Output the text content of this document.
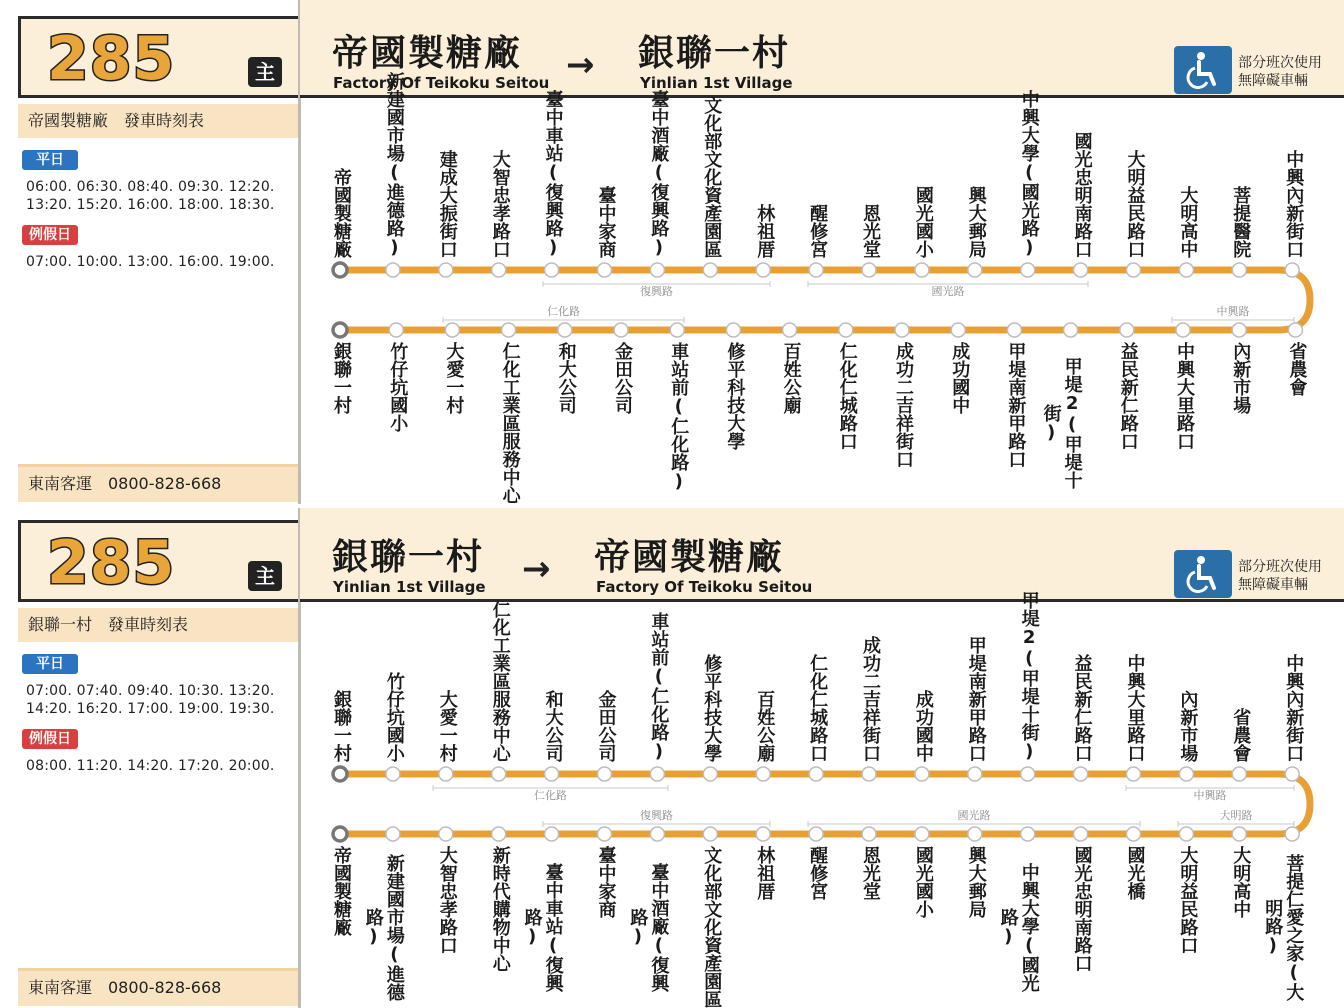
285	主
帝國製糖廠　發車時刻表
平日
06:00. 06:30. 08:40. 09:30. 12:20.
13:20. 15:20. 16:00. 18:00. 18:30.
例假日
07:00. 10:00. 13:00. 16:00. 19:00.
東南客運　0800-828-668
帝國製糖廠
Factory Of Teikoku Seitou → 銀聯一村
Yinlian 1st Village
部分班次使用
無障礙車輛
復興路	國光路
仁化路	中興路
帝國製糖廠 新建國市場(進德路) 建成大振街口 大智忠孝路口 臺中車站(復興路) 臺中家商 臺中酒廠(復興路) 文化部文化資產園區 林祖厝 醒修宮 恩光堂 國光國小 興大郵局 中興大學(國光路) 國光忠明南路口 大明益民路口 大明高中 菩提醫院 中興內新街口
銀聯一村 竹仔坑國小 大愛一村 仁化工業區服務中心 和大公司 金田公司 車站前(仁化路) 修平科技大學 百姓公廟 仁化仁城路口 成功二吉祥街口 成功國中 甲堤南新甲路口 甲堤2(甲堤十街)	益民新仁路口 中興大里路口 內新市場 省農會
285	主
銀聯一村　發車時刻表
平日
07:00. 07:40. 09:40. 10:30. 13:20.
14:20. 16:20. 17:00. 19:00. 19:30.
例假日
08:00. 11:20. 14:20. 17:20. 20:00.
東南客運　0800-828-668
銀聯一村
Yinlian 1st Village → 帝國製糖廠
Factory Of Teikoku Seitou
部分班次使用
無障礙車輛
仁化路	中興路
復興路	國光路	大明路
銀聯一村 竹仔坑國小 大愛一村 仁化工業區服務中心 和大公司 金田公司 車站前(仁化路) 修平科技大學 百姓公廟 仁化仁城路口 成功二吉祥街口 成功國中 甲堤南新甲路口 甲堤2(甲堤十街) 益民新仁路口 中興大里路口 內新市場 省農會 中興內新街口
帝國製糖廠 新建國市場(進德路)	大智忠孝路口 新時代購物中心 臺中車站(復興路)
臺中家商 臺中酒廠(復興路)	文化部文化資產園區 林祖厝 醒修宮 恩光堂 國光國小 興大郵局 中興大學(國光路)	國光忠明南路口 國光橋 大明益民路口 大明高中 菩提仁愛之家(大明路)
